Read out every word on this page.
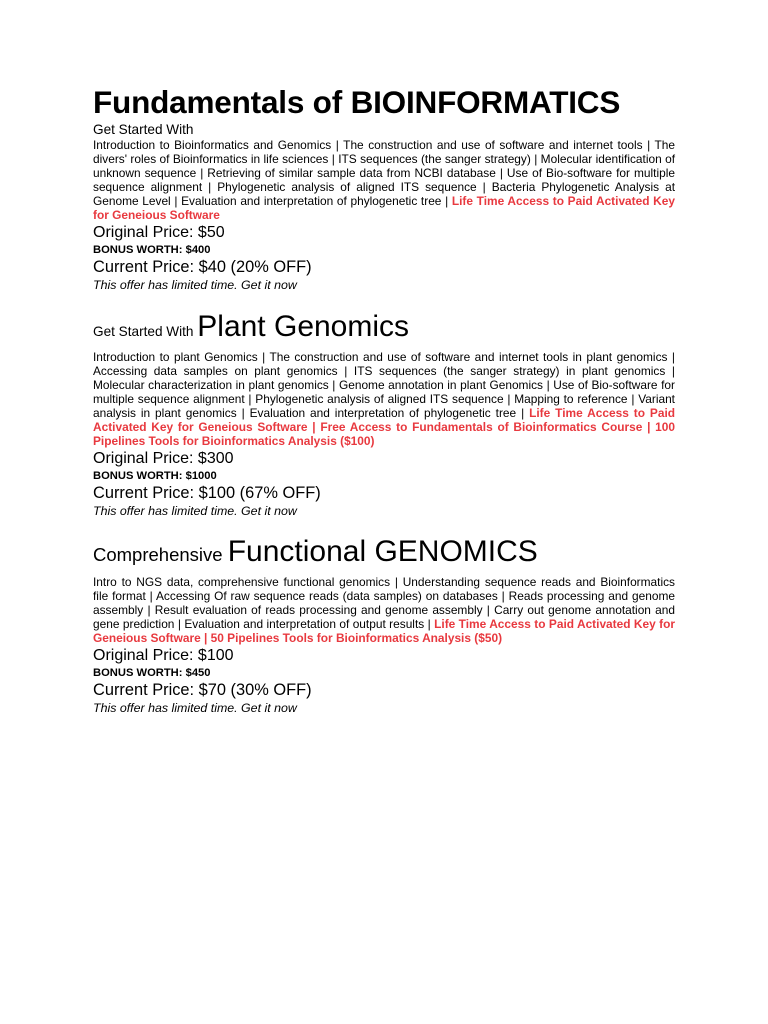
Fundamentals of BIOINFORMATICS

Get Started With

Introduction to Bioinformatics and Genomics | The construction and use of software and internet tools | The divers' roles of Bioinformatics in life sciences | ITS sequences (the sanger strategy) | Molecular identification of unknown sequence | Retrieving of similar sample data from NCBI database | Use of Bio-software for multiple sequence alignment | Phylogenetic analysis of aligned ITS sequence | Bacteria Phylogenetic Analysis at Genome Level | Evaluation and interpretation of phylogenetic tree | Life Time Access to Paid Activated Key for Geneious Software

Original Price: $50

BONUS WORTH: $400

Current Price: $40 (20% OFF)

This offer has limited time. Get it now

Get Started With Plant Genomics

Introduction to plant Genomics | The construction and use of software and internet tools in plant genomics | Accessing data samples on plant genomics | ITS sequences (the sanger strategy) in plant genomics | Molecular characterization in plant genomics | Genome annotation in plant Genomics | Use of Bio-software for multiple sequence alignment | Phylogenetic analysis of aligned ITS sequence | Mapping to reference | Variant analysis in plant genomics | Evaluation and interpretation of phylogenetic tree | Life Time Access to Paid Activated Key for Geneious Software | Free Access to Fundamentals of Bioinformatics Course | 100 Pipelines Tools for Bioinformatics Analysis ($100)

Original Price: $300

BONUS WORTH: $1000

Current Price: $100 (67% OFF)

This offer has limited time. Get it now

Comprehensive Functional GENOMICS

Intro to NGS data, comprehensive functional genomics | Understanding sequence reads and Bioinformatics file format | Accessing Of raw sequence reads (data samples) on databases | Reads processing and genome assembly | Result evaluation of reads processing and genome assembly | Carry out genome annotation and gene prediction | Evaluation and interpretation of output results | Life Time Access to Paid Activated Key for Geneious Software | 50 Pipelines Tools for Bioinformatics Analysis ($50)

Original Price: $100

BONUS WORTH: $450

Current Price: $70 (30% OFF)

This offer has limited time. Get it now
